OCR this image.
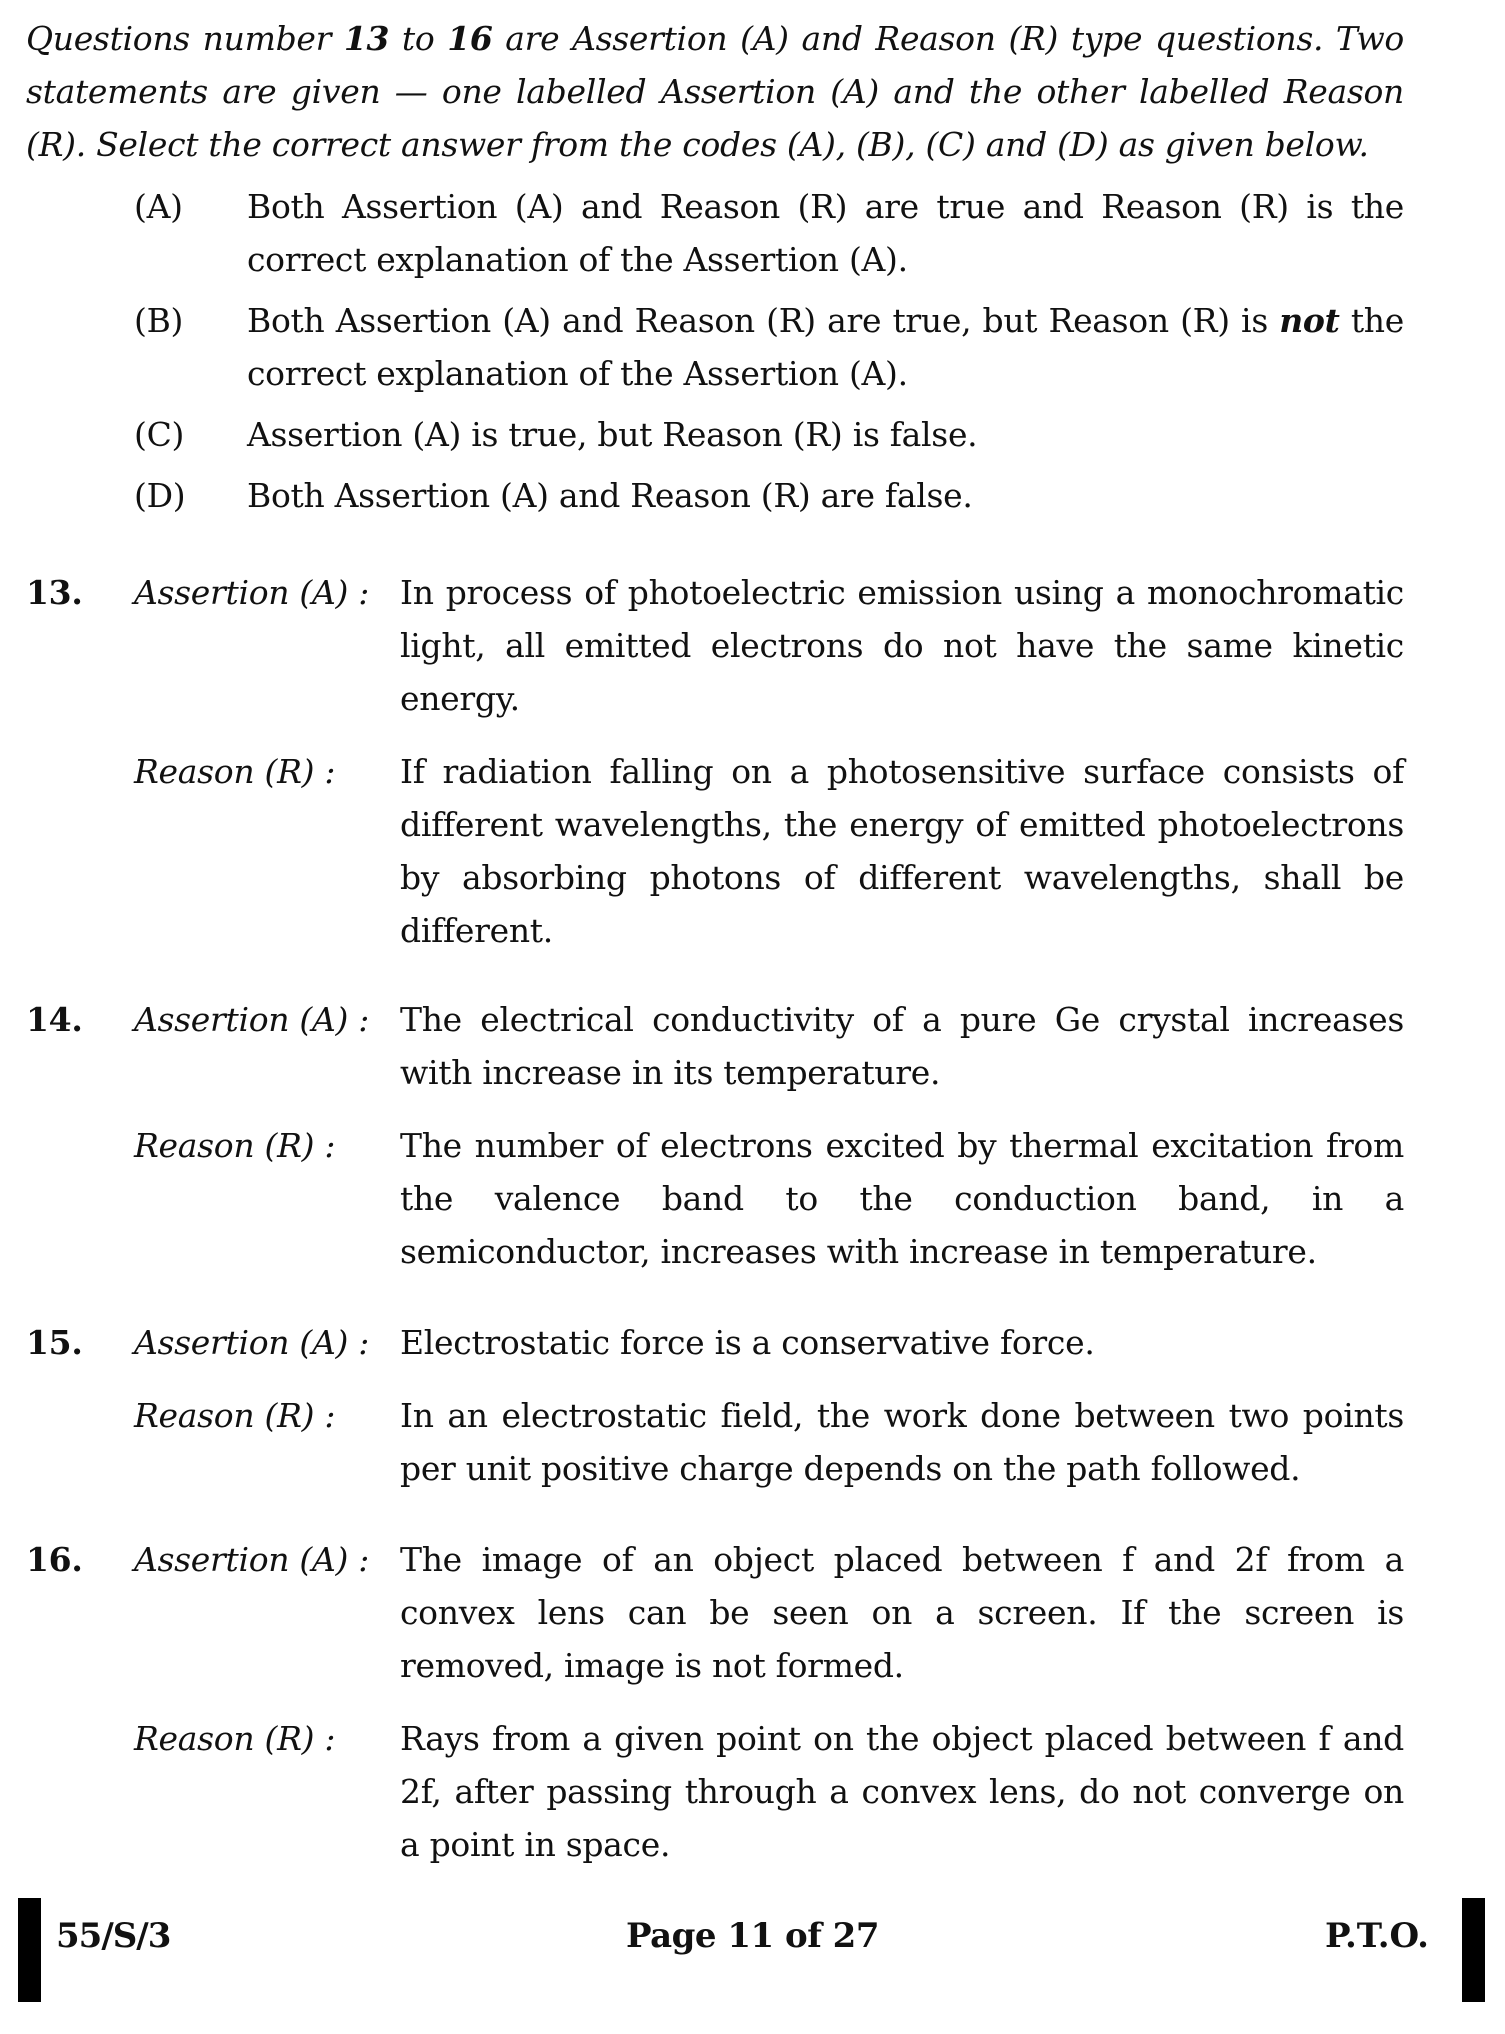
Questions number 13 to 16 are Assertion (A) and Reason (R) type questions. Two statements are given — one labelled Assertion (A) and the other labelled Reason (R). Select the correct answer from the codes (A), (B), (C) and (D) as given below.
(A)	Both Assertion (A) and Reason (R) are true and Reason (R) is the correct explanation of the Assertion (A).
(B)	Both Assertion (A) and Reason (R) are true, but Reason (R) is not the correct explanation of the Assertion (A).
(C)	Assertion (A) is true, but Reason (R) is false.
(D)	Both Assertion (A) and Reason (R) are false.
13.	Assertion (A) : In process of photoelectric emission using a monochromatic light, all emitted electrons do not have the same kinetic energy.
Reason (R) :	If radiation falling on a photosensitive surface consists of different wavelengths, the energy of emitted photoelectrons by absorbing photons of different wavelengths, shall be different.
14.	Assertion (A) : The electrical conductivity of a pure Ge crystal increases with increase in its temperature.
Reason (R) :	The number of electrons excited by thermal excitation from the valence band to the conduction band, in a semiconductor, increases with increase in temperature.
15.	Assertion (A) : Electrostatic force is a conservative force.
Reason (R) :	In an electrostatic field, the work done between two points per unit positive charge depends on the path followed.
16.	Assertion (A) : The image of an object placed between f and 2f from a convex lens can be seen on a screen. If the screen is removed, image is not formed.
Reason (R) :	Rays from a given point on the object placed between f and 2f, after passing through a convex lens, do not converge on a point in space.
55/S/3	Page 11 of 27	P.T.O.
